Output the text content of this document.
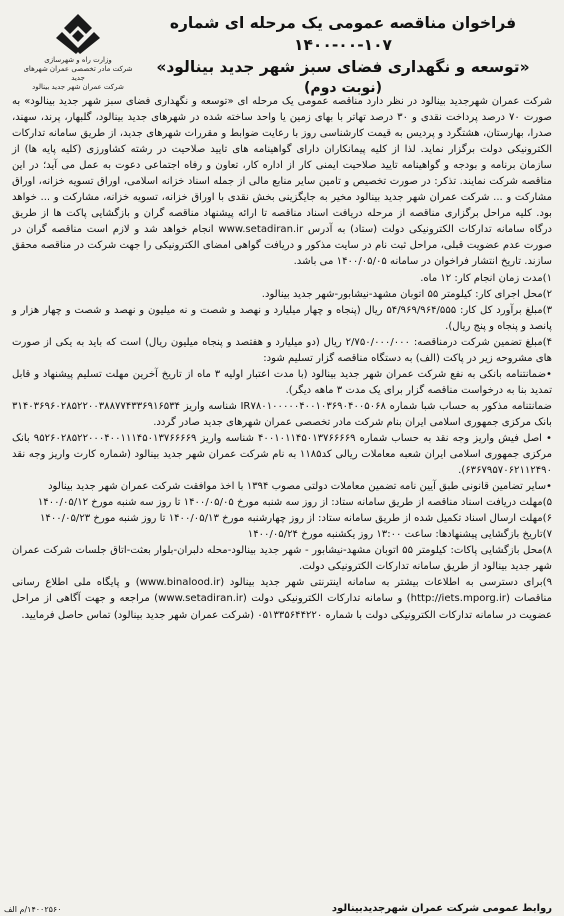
وزارت راه و شهرسازی
شرکت مادر تخصصی عمران شهرهای جدید
شرکت عمران شهر جدید بینالود
فراخوان مناقصه عمومی یک مرحله ای شماره ۱۰۷-۰۰-۱۴۰۰
«توسعه و نگهداری فضای سبز شهر جدید بینالود»
(نوبت دوم)

شرکت عمران شهرجدید بینالود در نظر دارد مناقصه عمومی یک مرحله ای «توسعه و نگهداری فضای سبز شهر جدید بینالود» به صورت ۷۰ درصد پرداخت نقدی و ۳۰ درصد تهاتر با بهای زمین یا واحد ساخته شده در شهرهای جدید بینالود، گلبهار، پرند، سهند، صدرا، بهارستان، هشتگرد و پردیس به قیمت کارشناسی روز با رعایت ضوابط و مقررات شهرهای جدید، از طریق سامانه تدارکات الکترونیکی دولت برگزار نماید. لذا از کلیه پیمانکاران دارای گواهینامه های تایید صلاحیت در رشته کشاورزی (کلیه پایه ها) از سازمان برنامه و بودجه و گواهینامه تایید صلاحیت ایمنی کار از اداره کار، تعاون و رفاه اجتماعی دعوت به عمل می آید؛ در این مناقصه شرکت نمایند. تذکر: در صورت تخصیص و تامین سایر منابع مالی از جمله اسناد خزانه اسلامی، اوراق تسویه خزانه، اوراق مشارکت و ... شرکت عمران شهر جدید بینالود مخیر به جایگزینی بخش نقدی با اوراق خزانه، تسویه خزانه، مشارکت و ... خواهد بود. کلیه مراحل برگزاری مناقصه از مرحله دریافت اسناد مناقصه تا ارائه پیشنهاد مناقصه گران و بازگشایی پاکت ها از طریق درگاه سامانه تدارکات الکترونیکی دولت (ستاد) به آدرس www.setadiran.ir انجام خواهد شد و لازم است مناقصه گران در صورت عدم عضویت قبلی، مراحل ثبت نام در سایت مذکور و دریافت گواهی امضای الکترونیکی را جهت شرکت در مناقصه محقق سازند. تاریخ انتشار فراخوان در سامانه ۱۴۰۰/۰۵/۰۵ می باشد.

۱)مدت زمان انجام کار: ۱۲ ماه.

۲)محل اجرای کار: کیلومتر ۵۵ اتوبان مشهد-نیشابور-شهر جدید بینالود.

۳)مبلغ برآورد کل کار: ۵۴/۹۶۹/۹۶۴/۵۵۵ ریال (پنجاه و چهار میلیارد و نهصد و شصت و نه میلیون و نهصد و شصت و چهار هزار و پانصد و پنجاه و پنج ریال).

۴)مبلغ تضمین شرکت درمناقصه: ۲/۷۵۰/۰۰۰/۰۰۰ ریال (دو میلیارد و هفتصد و پنجاه میلیون ریال) است که باید به یکی از صورت های مشروحه زیر در پاکت (الف) به دستگاه مناقصه گزار تسلیم شود:

•ضمانتنامه بانکی به نفع شرکت عمران شهر جدید بینالود (با مدت اعتبار اولیه ۳ ماه از تاریخ آخرین مهلت تسلیم پیشنهاد و قابل تمدید بنا به درخواست مناقصه گزار برای یک مدت ۳ ماهه دیگر).

ضمانتنامه مذکور به حساب شبا شماره IR۷۸۰۱۰۰۰۰۰۴۰۰۱۰۳۶۹۰۴۰۰۵۰۶۸ شناسه واریز ۳۱۴۰۳۶۹۶۰۲۸۵۲۲۰۰۳۸۸۷۷۴۳۳۶۹۱۶۵۳۴ بانک مرکزی جمهوری اسلامی ایران بنام شرکت مادر تخصصی عمران شهرهای جدید صادر گردد.

• اصل فیش واریز وجه نقد به حساب شماره ۴۰۰۱۰۱۱۴۵۰۱۳۷۶۶۶۶۹ شناسه واریز ۹۵۲۶۰۲۸۵۲۲۰۰۰۴۰۰۱۱۱۴۵۰۱۳۷۶۶۶۶۹ بانک مرکزی جمهوری اسلامی ایران شعبه معاملات ریالی کد۱۱۸۵ به نام شرکت عمران شهر جدید بینالود (شماره کارت واریز وجه نقد ۶۳۶۷۹۵۷۰۶۲۱۱۲۴۹۰).

•سایر تضامین قانونی طبق آیین نامه تضمین معاملات دولتی مصوب ۱۳۹۴ با اخذ موافقت شرکت عمران شهر جدید بینالود

۵)مهلت دریافت اسناد مناقصه از طریق سامانه ستاد: از روز سه شنبه مورخ ۱۴۰۰/۰۵/۰۵ تا روز سه شنبه مورخ ۱۴۰۰/۰۵/۱۲

۶)مهلت ارسال اسناد تکمیل شده از طریق سامانه ستاد: از روز چهارشنبه مورخ ۱۴۰۰/۰۵/۱۳ تا روز شنبه مورخ ۱۴۰۰/۰۵/۲۳

۷)تاریخ بازگشایی پیشنهادها: ساعت ۱۳:۰۰ روز یکشنبه مورخ ۱۴۰۰/۰۵/۲۴

۸)محل بازگشایی پاکات: کیلومتر ۵۵ اتوبان مشهد-نیشابور - شهر جدید بینالود-محله دلبران-بلوار بعثت-اتاق جلسات شرکت عمران شهر جدید بینالود از طریق سامانه تدارکات الکترونیکی دولت.

۹)برای دسترسی به اطلاعات بیشتر به سامانه اینترنتی شهر جدید بینالود (www.binalood.ir) و پایگاه ملی اطلاع رسانی مناقصات (http://iets.mporg.ir) و سامانه تدارکات الکترونیکی دولت (www.setadiran.ir) مراجعه و جهت آگاهی از مراحل عضویت در سامانه تدارکات الکترونیکی دولت با شماره ۰۵۱۳۳۵۶۴۴۲۲۰ (شرکت عمران شهر جدید بینالود) تماس حاصل فرمایید.

روابط عمومی شرکت عمران شهرجدیدبینالود
۱۴۰۰۲۵۶۰/م الف
